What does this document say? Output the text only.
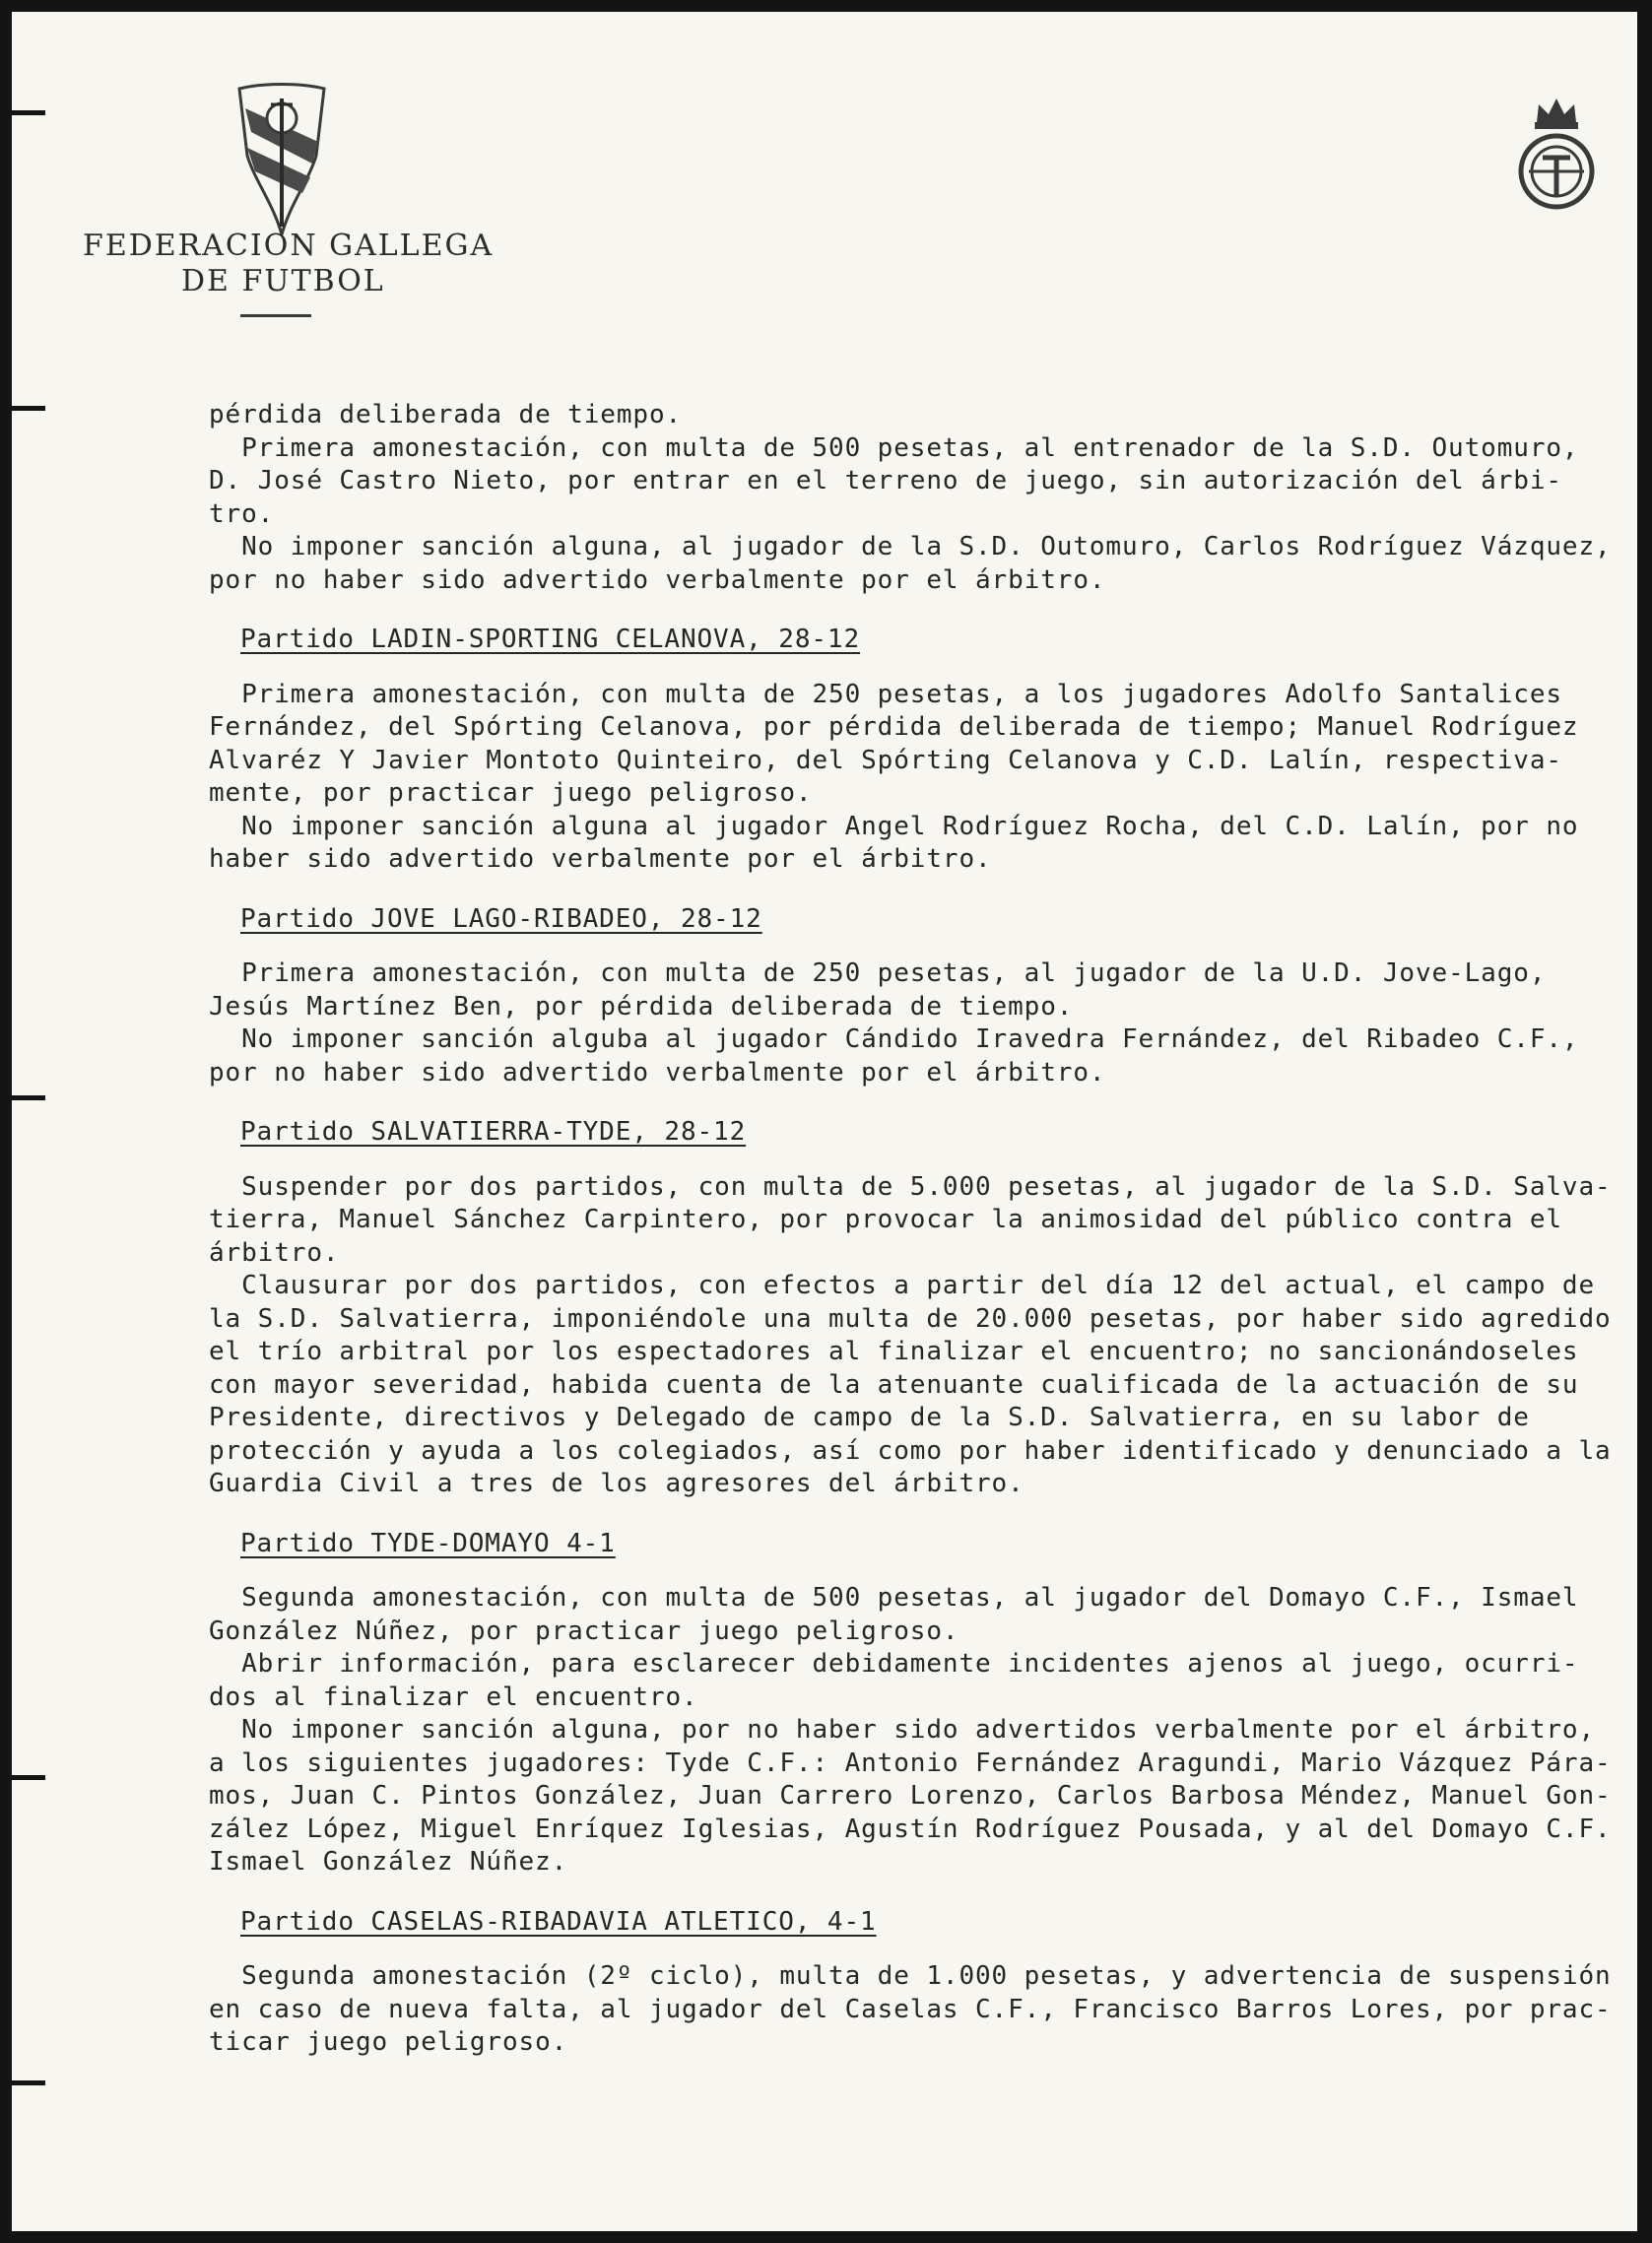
FEDERACION GALLEGA
DE FUTBOL
pérdida deliberada de tiempo.
Primera amonestación, con multa de 500 pesetas, al entrenador de la S.D. Outomuro,
D. José Castro Nieto, por entrar en el terreno de juego, sin autorización del árbi-
tro.
No imponer sanción alguna, al jugador de la S.D. Outomuro, Carlos Rodríguez Vázquez,
por no haber sido advertido verbalmente por el árbitro.
Partido LADIN-SPORTING CELANOVA, 28-12
Primera amonestación, con multa de 250 pesetas, a los jugadores Adolfo Santalices
Fernández, del Spórting Celanova, por pérdida deliberada de tiempo; Manuel Rodríguez
Alvaréz Y Javier Montoto Quinteiro, del Spórting Celanova y C.D. Lalín, respectiva-
mente, por practicar juego peligroso.
No imponer sanción alguna al jugador Angel Rodríguez Rocha, del C.D. Lalín, por no
haber sido advertido verbalmente por el árbitro.
Partido JOVE LAGO-RIBADEO, 28-12
Primera amonestación, con multa de 250 pesetas, al jugador de la U.D. Jove-Lago,
Jesús Martínez Ben, por pérdida deliberada de tiempo.
No imponer sanción alguba al jugador Cándido Iravedra Fernández, del Ribadeo C.F.,
por no haber sido advertido verbalmente por el árbitro.
Partido SALVATIERRA-TYDE, 28-12
Suspender por dos partidos, con multa de 5.000 pesetas, al jugador de la S.D. Salva-
tierra, Manuel Sánchez Carpintero, por provocar la animosidad del público contra el
árbitro.
Clausurar por dos partidos, con efectos a partir del día 12 del actual, el campo de
la S.D. Salvatierra, imponiéndole una multa de 20.000 pesetas, por haber sido agredido
el trío arbitral por los espectadores al finalizar el encuentro; no sancionándoseles
con mayor severidad, habida cuenta de la atenuante cualificada de la actuación de su
Presidente, directivos y Delegado de campo de la S.D. Salvatierra, en su labor de
protección y ayuda a los colegiados, así como por haber identificado y denunciado a la
Guardia Civil a tres de los agresores del árbitro.
Partido TYDE-DOMAYO 4-1
Segunda amonestación, con multa de 500 pesetas, al jugador del Domayo C.F., Ismael
González Núñez, por practicar juego peligroso.
Abrir información, para esclarecer debidamente incidentes ajenos al juego, ocurri-
dos al finalizar el encuentro.
No imponer sanción alguna, por no haber sido advertidos verbalmente por el árbitro,
a los siguientes jugadores: Tyde C.F.: Antonio Fernández Aragundi, Mario Vázquez Pára-
mos, Juan C. Pintos González, Juan Carrero Lorenzo, Carlos Barbosa Méndez, Manuel Gon-
zález López, Miguel Enríquez Iglesias, Agustín Rodríguez Pousada, y al del Domayo C.F.
Ismael González Núñez.
Partido CASELAS-RIBADAVIA ATLETICO, 4-1
Segunda amonestación (2º ciclo), multa de 1.000 pesetas, y advertencia de suspensión
en caso de nueva falta, al jugador del Caselas C.F., Francisco Barros Lores, por prac-
ticar juego peligroso.
